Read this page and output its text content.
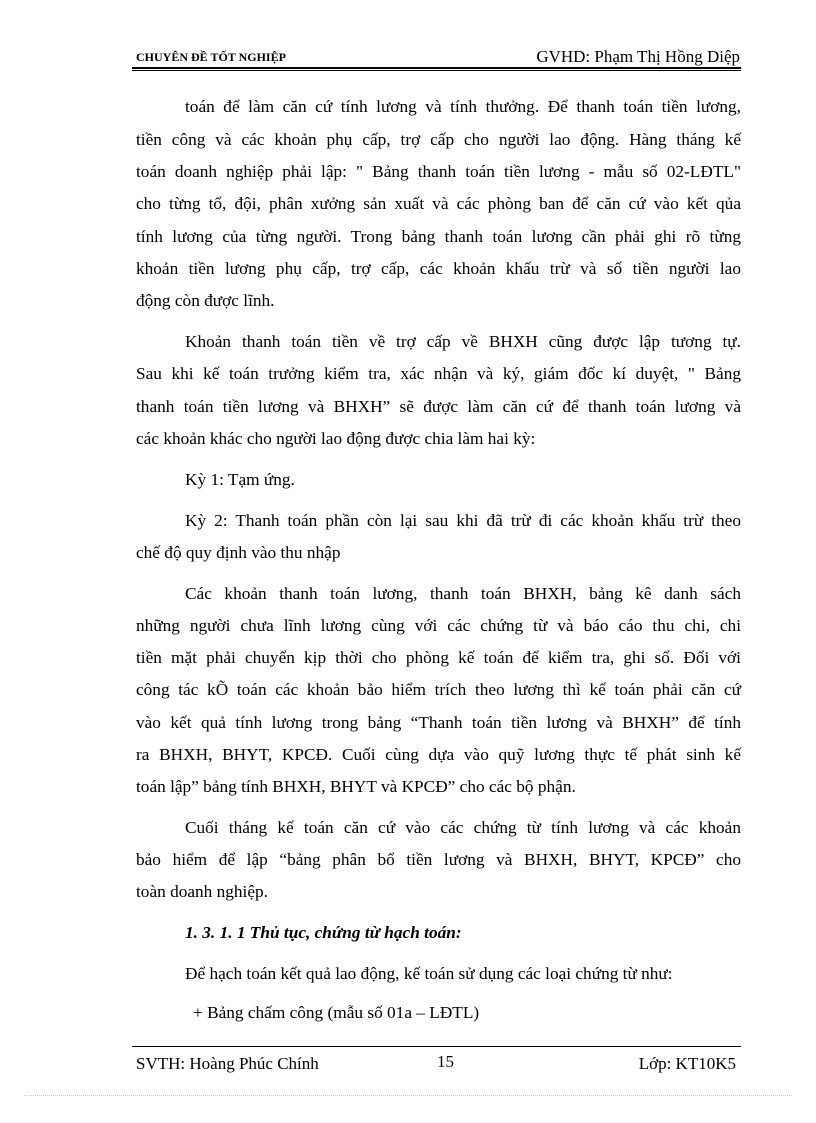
CHUYÊN ĐỀ TỐT NGHIỆP	GVHD: Phạm Thị Hồng Diệp
toán để làm căn cứ tính lương và tính thưởng. Để thanh toán tiền lương,
tiền công và các khoản phụ cấp, trợ cấp cho người lao động. Hàng tháng kế
toán doanh nghiệp phải lập: " Bảng thanh toán tiền lương - mẫu số 02-LĐTL"
cho từng tổ, đội, phân xưởng sản xuất và các phòng ban để căn cứ vào kết qủa
tính lương của từng người. Trong bảng thanh toán lương cần phải ghi rõ từng
khoản tiền lương phụ cấp, trợ cấp, các khoản khấu trừ và số tiền người lao
động còn được lĩnh.
Khoản thanh toán tiền về trợ cấp về BHXH cũng được lập tương tự.
Sau khi kế toán trưởng kiểm tra, xác nhận và ký, giám đốc kí duyệt, " Bảng
thanh toán tiền lương và BHXH” sẽ được làm căn cứ để thanh toán lương và
các khoản khác cho người lao động được chia làm hai kỳ:
Kỳ 1: Tạm ứng.
Kỳ 2: Thanh toán phần còn lại sau khi đã trừ đi các khoản khấu trừ theo
chế độ quy định vào thu nhập
Các khoản thanh toán lương, thanh toán BHXH, bảng kê danh sách
những người chưa lĩnh lương cùng với các chứng từ và báo cáo thu chi, chi
tiền mặt phải chuyển kịp thời cho phòng kế toán để kiểm tra, ghi sổ. Đối với
công tác kÕ toán các khoản bảo hiểm trích theo lương thì kế toán phải căn cứ
vào kết quả tính lương trong bảng “Thanh toán tiền lương và BHXH” để tính
ra BHXH, BHYT, KPCĐ. Cuối cùng dựa vào quỹ lương thực tế phát sinh kế
toán lập” bảng tính BHXH, BHYT và KPCĐ” cho các bộ phận.
Cuối tháng kế toán căn cứ vào các chứng từ tính lương và các khoản
bảo hiểm để lập “bảng phân bổ tiền lương và BHXH, BHYT, KPCĐ” cho
toàn doanh nghiệp.
1. 3. 1. 1 Thủ tục, chứng từ hạch toán:
Để hạch toán kết quả lao động, kế toán sử dụng các loại chứng từ như:
+ Bảng chấm công (mẫu số 01a – LĐTL)
SVTH: Hoàng Phúc Chính	15	Lớp: KT10K5
